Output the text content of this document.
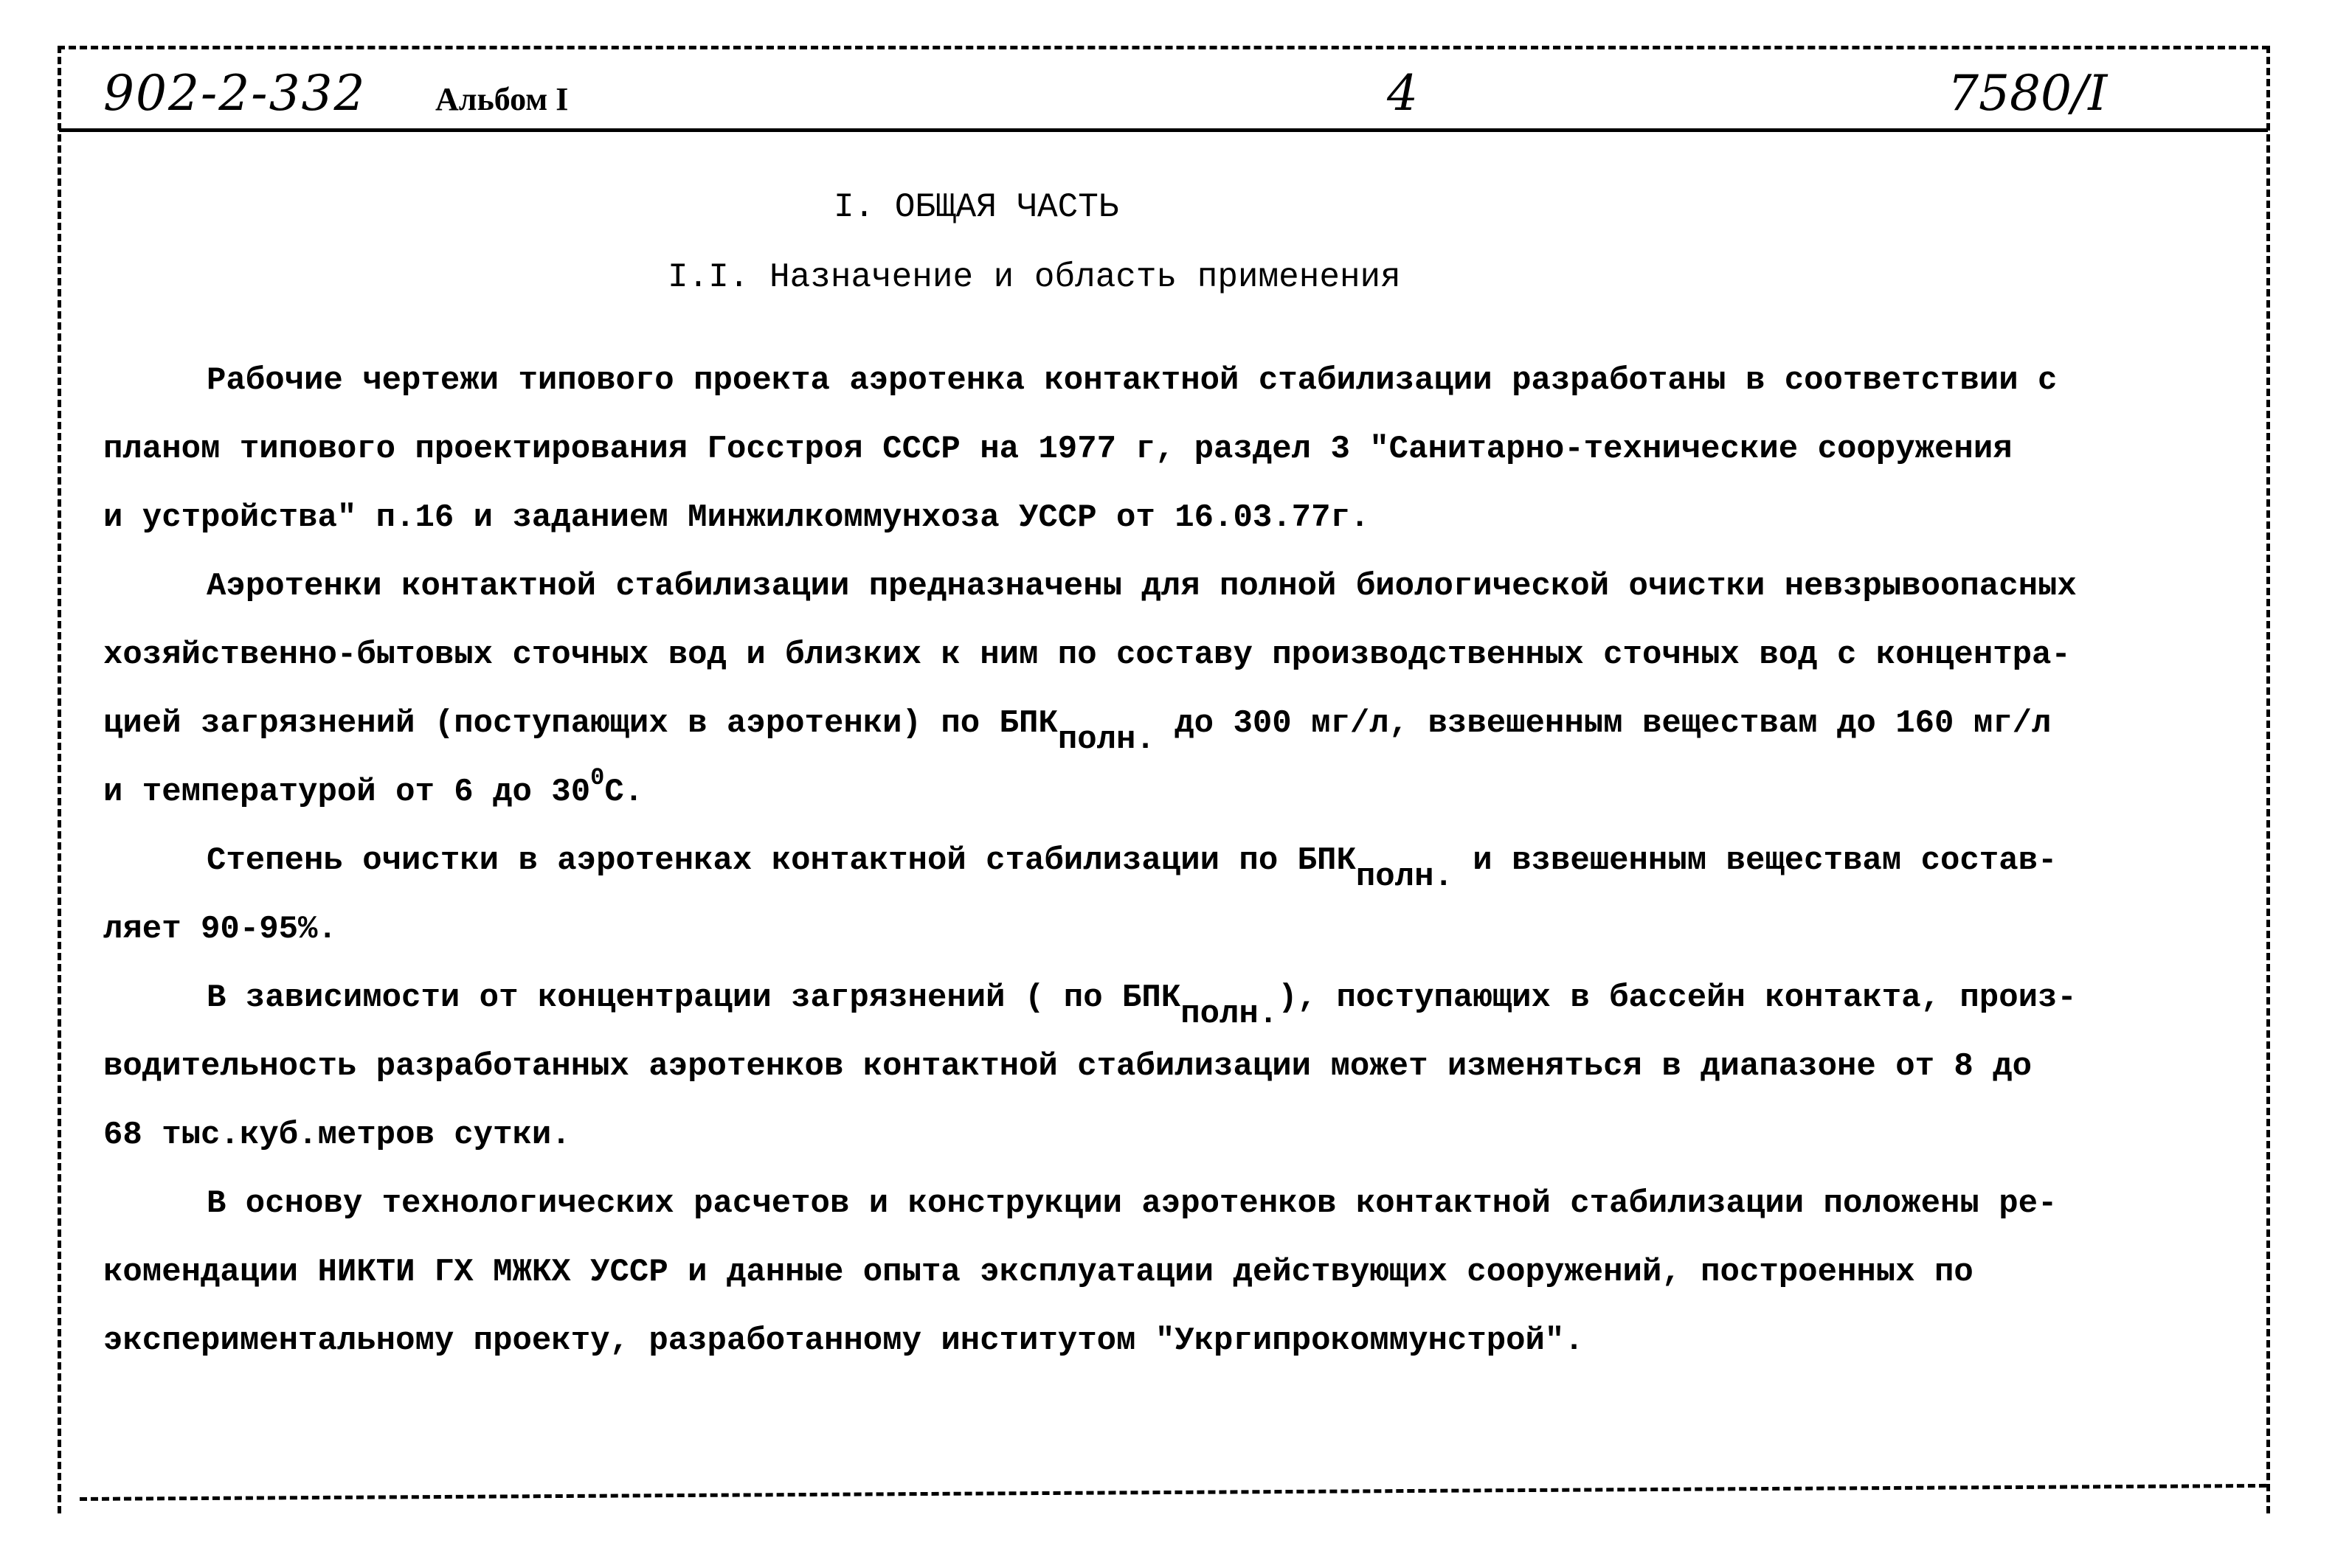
902-2-332 Альбом I	4	7580/I
I. ОБЩАЯ ЧАСТЬ
I.I. Назначение и область применения
Рабочие чертежи типового проекта аэротенка контактной стабилизации разработаны в соответствии с
планом типового проектирования Госстроя СССР на 1977 г, раздел 3 "Санитарно-технические сооружения
и устройства" п.16 и заданием Минжилкоммунхоза УССР от 16.03.77г.
Аэротенки контактной стабилизации предназначены для полной биологической очистки невзрывоопасных
хозяйственно-бытовых сточных вод и близких к ним по составу производственных сточных вод с концентра-
цией загрязнений (поступающих в аэротенки) по $БПК_{полн.}$ до 300 мг/л, взвешенным веществам до 160 мг/л
и температурой от 6 до $30^0С$.
Степень очистки в аэротенках контактной стабилизации по $БПК_{полн.}$ и взвешенным веществам состав-
ляет 90-95%.
В зависимости от концентрации загрязнений ( по $БПК_{полн.}$), поступающих в бассейн контакта, произ-
водительность разработанных аэротенков контактной стабилизации может изменяться в диапазоне от 8 до
68 тыс.куб.метров сутки.
В основу технологических расчетов и конструкции аэротенков контактной стабилизации положены ре-
комендации НИКТИ ГХ МЖКХ УССР и данные опыта эксплуатации действующих сооружений, построенных по
экспериментальному проекту, разработанному институтом "Укргипрокоммунстрой".
